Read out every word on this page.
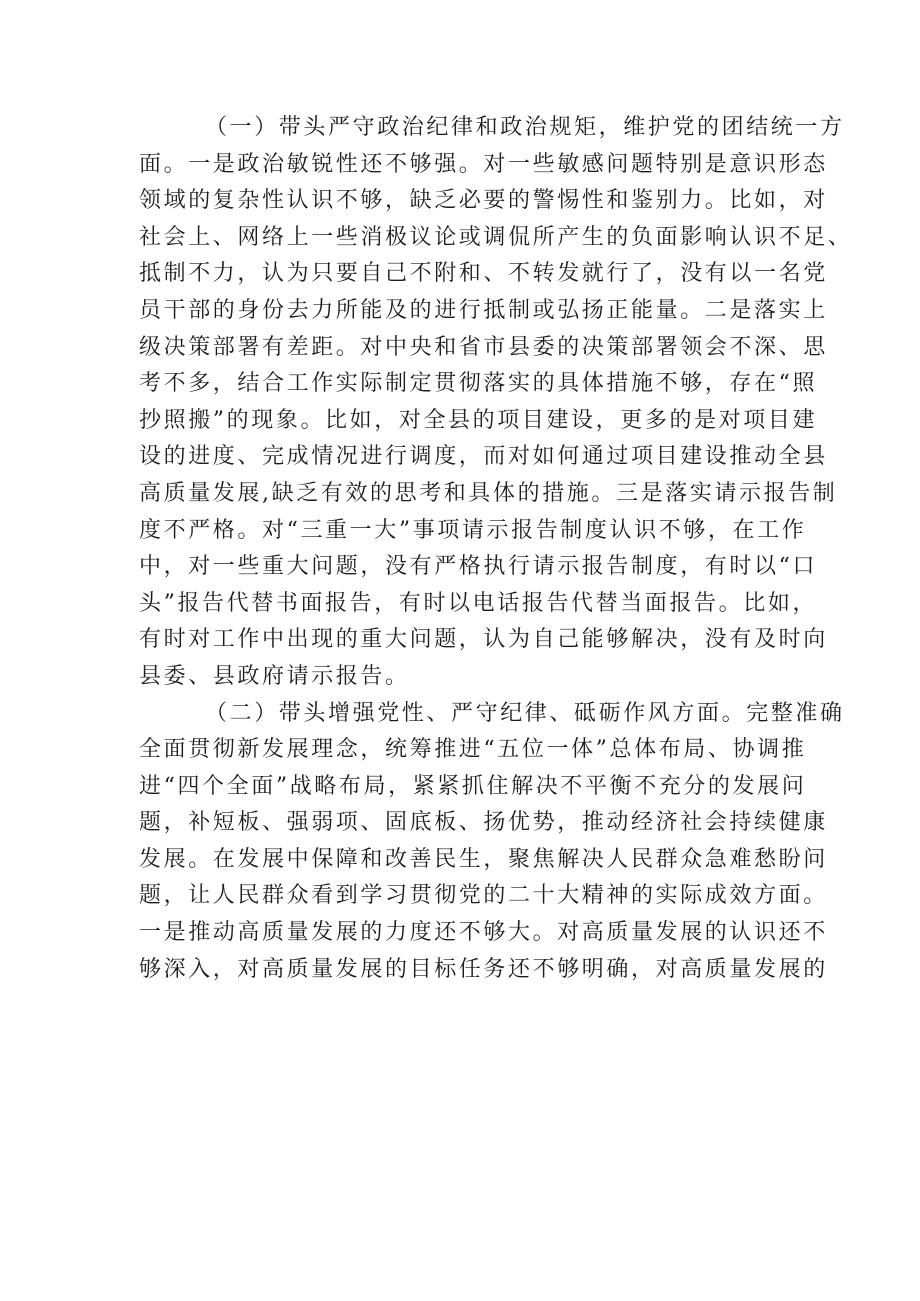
（一）带头严守政治纪律和政治规矩，维护党的团结统一方
面。一是政治敏锐性还不够强。对一些敏感问题特别是意识形态
领域的复杂性认识不够，缺乏必要的警惕性和鉴别力。比如，对
社会上、网络上一些消极议论或调侃所产生的负面影响认识不足、
抵制不力，认为只要自己不附和、不转发就行了，没有以一名党
员干部的身份去力所能及的进行抵制或弘扬正能量。二是落实上
级决策部署有差距。对中央和省市县委的决策部署领会不深、思
考不多，结合工作实际制定贯彻落实的具体措施不够，存在“照
抄照搬”的现象。比如，对全县的项目建设，更多的是对项目建
设的进度、完成情况进行调度，而对如何通过项目建设推动全县
高质量发展,缺乏有效的思考和具体的措施。三是落实请示报告制
度不严格。对“三重一大”事项请示报告制度认识不够，在工作
中，对一些重大问题，没有严格执行请示报告制度，有时以“口
头”报告代替书面报告，有时以电话报告代替当面报告。比如，
有时对工作中出现的重大问题，认为自己能够解决，没有及时向
县委、县政府请示报告。
（二）带头增强党性、严守纪律、砥砺作风方面。完整准确
全面贯彻新发展理念，统筹推进“五位一体”总体布局、协调推
进“四个全面”战略布局，紧紧抓住解决不平衡不充分的发展问
题，补短板、强弱项、固底板、扬优势，推动经济社会持续健康
发展。在发展中保障和改善民生，聚焦解决人民群众急难愁盼问
题，让人民群众看到学习贯彻党的二十大精神的实际成效方面。
一是推动高质量发展的力度还不够大。对高质量发展的认识还不
够深入，对高质量发展的目标任务还不够明确，对高质量发展的
